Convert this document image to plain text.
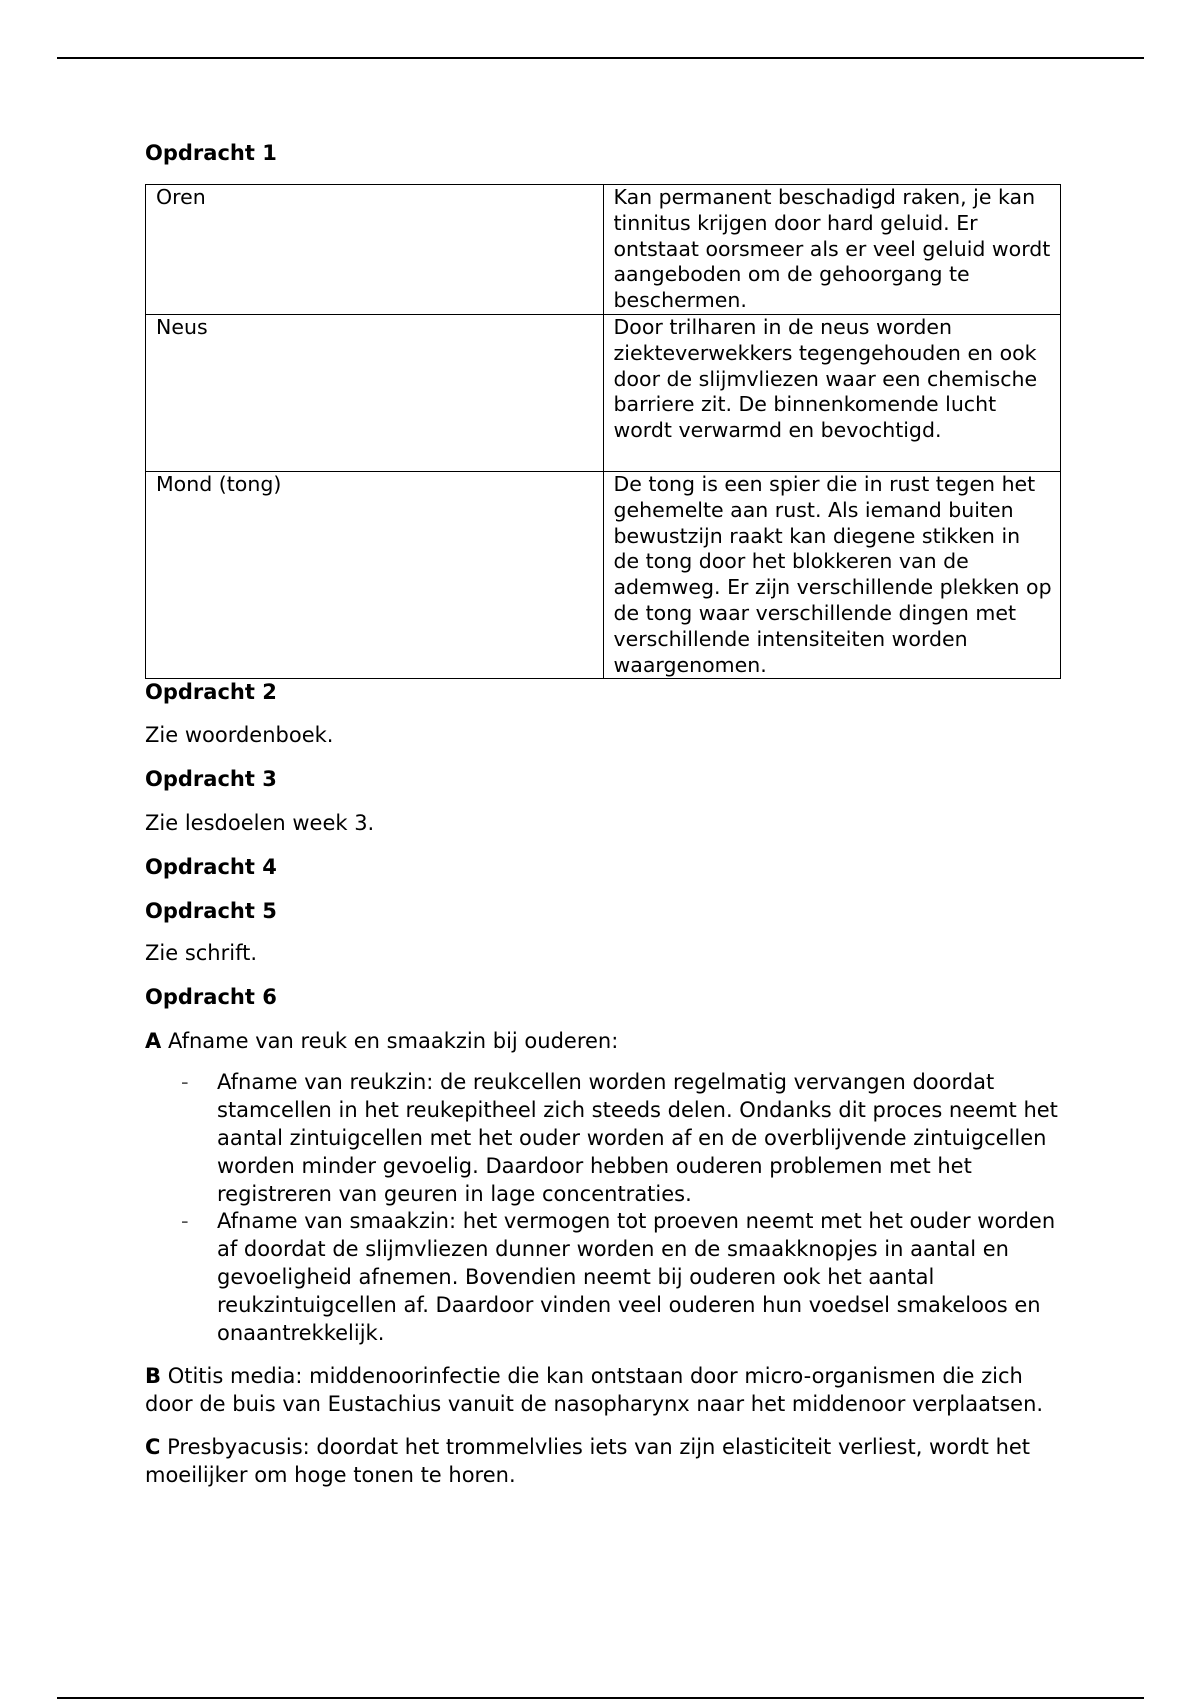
Opdracht 1

Oren	Kan permanent beschadigd raken, je kan tinnitus krijgen door hard geluid. Er ontstaat oorsmeer als er veel geluid wordt aangeboden om de gehoorgang te beschermen.
Neus	Door trilharen in de neus worden ziekteverwekkers tegengehouden en ook door de slijmvliezen waar een chemische barriere zit. De binnenkomende lucht wordt verwarmd en bevochtigd.
Mond (tong)	De tong is een spier die in rust tegen het gehemelte aan rust. Als iemand buiten bewustzijn raakt kan diegene stikken in de tong door het blokkeren van de ademweg. Er zijn verschillende plekken op de tong waar verschillende dingen met verschillende intensiteiten worden waargenomen.

Opdracht 2

Zie woordenboek.

Opdracht 3

Zie lesdoelen week 3.

Opdracht 4

Opdracht 5

Zie schrift.

Opdracht 6

A Afname van reuk en smaakzin bij ouderen:

- Afname van reukzin: de reukcellen worden regelmatig vervangen doordat stamcellen in het reukepitheel zich steeds delen. Ondanks dit proces neemt het aantal zintuigcellen met het ouder worden af en de overblijvende zintuigcellen worden minder gevoelig. Daardoor hebben ouderen problemen met het registreren van geuren in lage concentraties.
- Afname van smaakzin: het vermogen tot proeven neemt met het ouder worden af doordat de slijmvliezen dunner worden en de smaakknopjes in aantal en gevoeligheid afnemen. Bovendien neemt bij ouderen ook het aantal reukzintuigcellen af. Daardoor vinden veel ouderen hun voedsel smakeloos en onaantrekkelijk.

B Otitis media: middenoorinfectie die kan ontstaan door micro-organismen die zich door de buis van Eustachius vanuit de nasopharynx naar het middenoor verplaatsen.

C Presbyacusis: doordat het trommelvlies iets van zijn elasticiteit verliest, wordt het moeilijker om hoge tonen te horen.
